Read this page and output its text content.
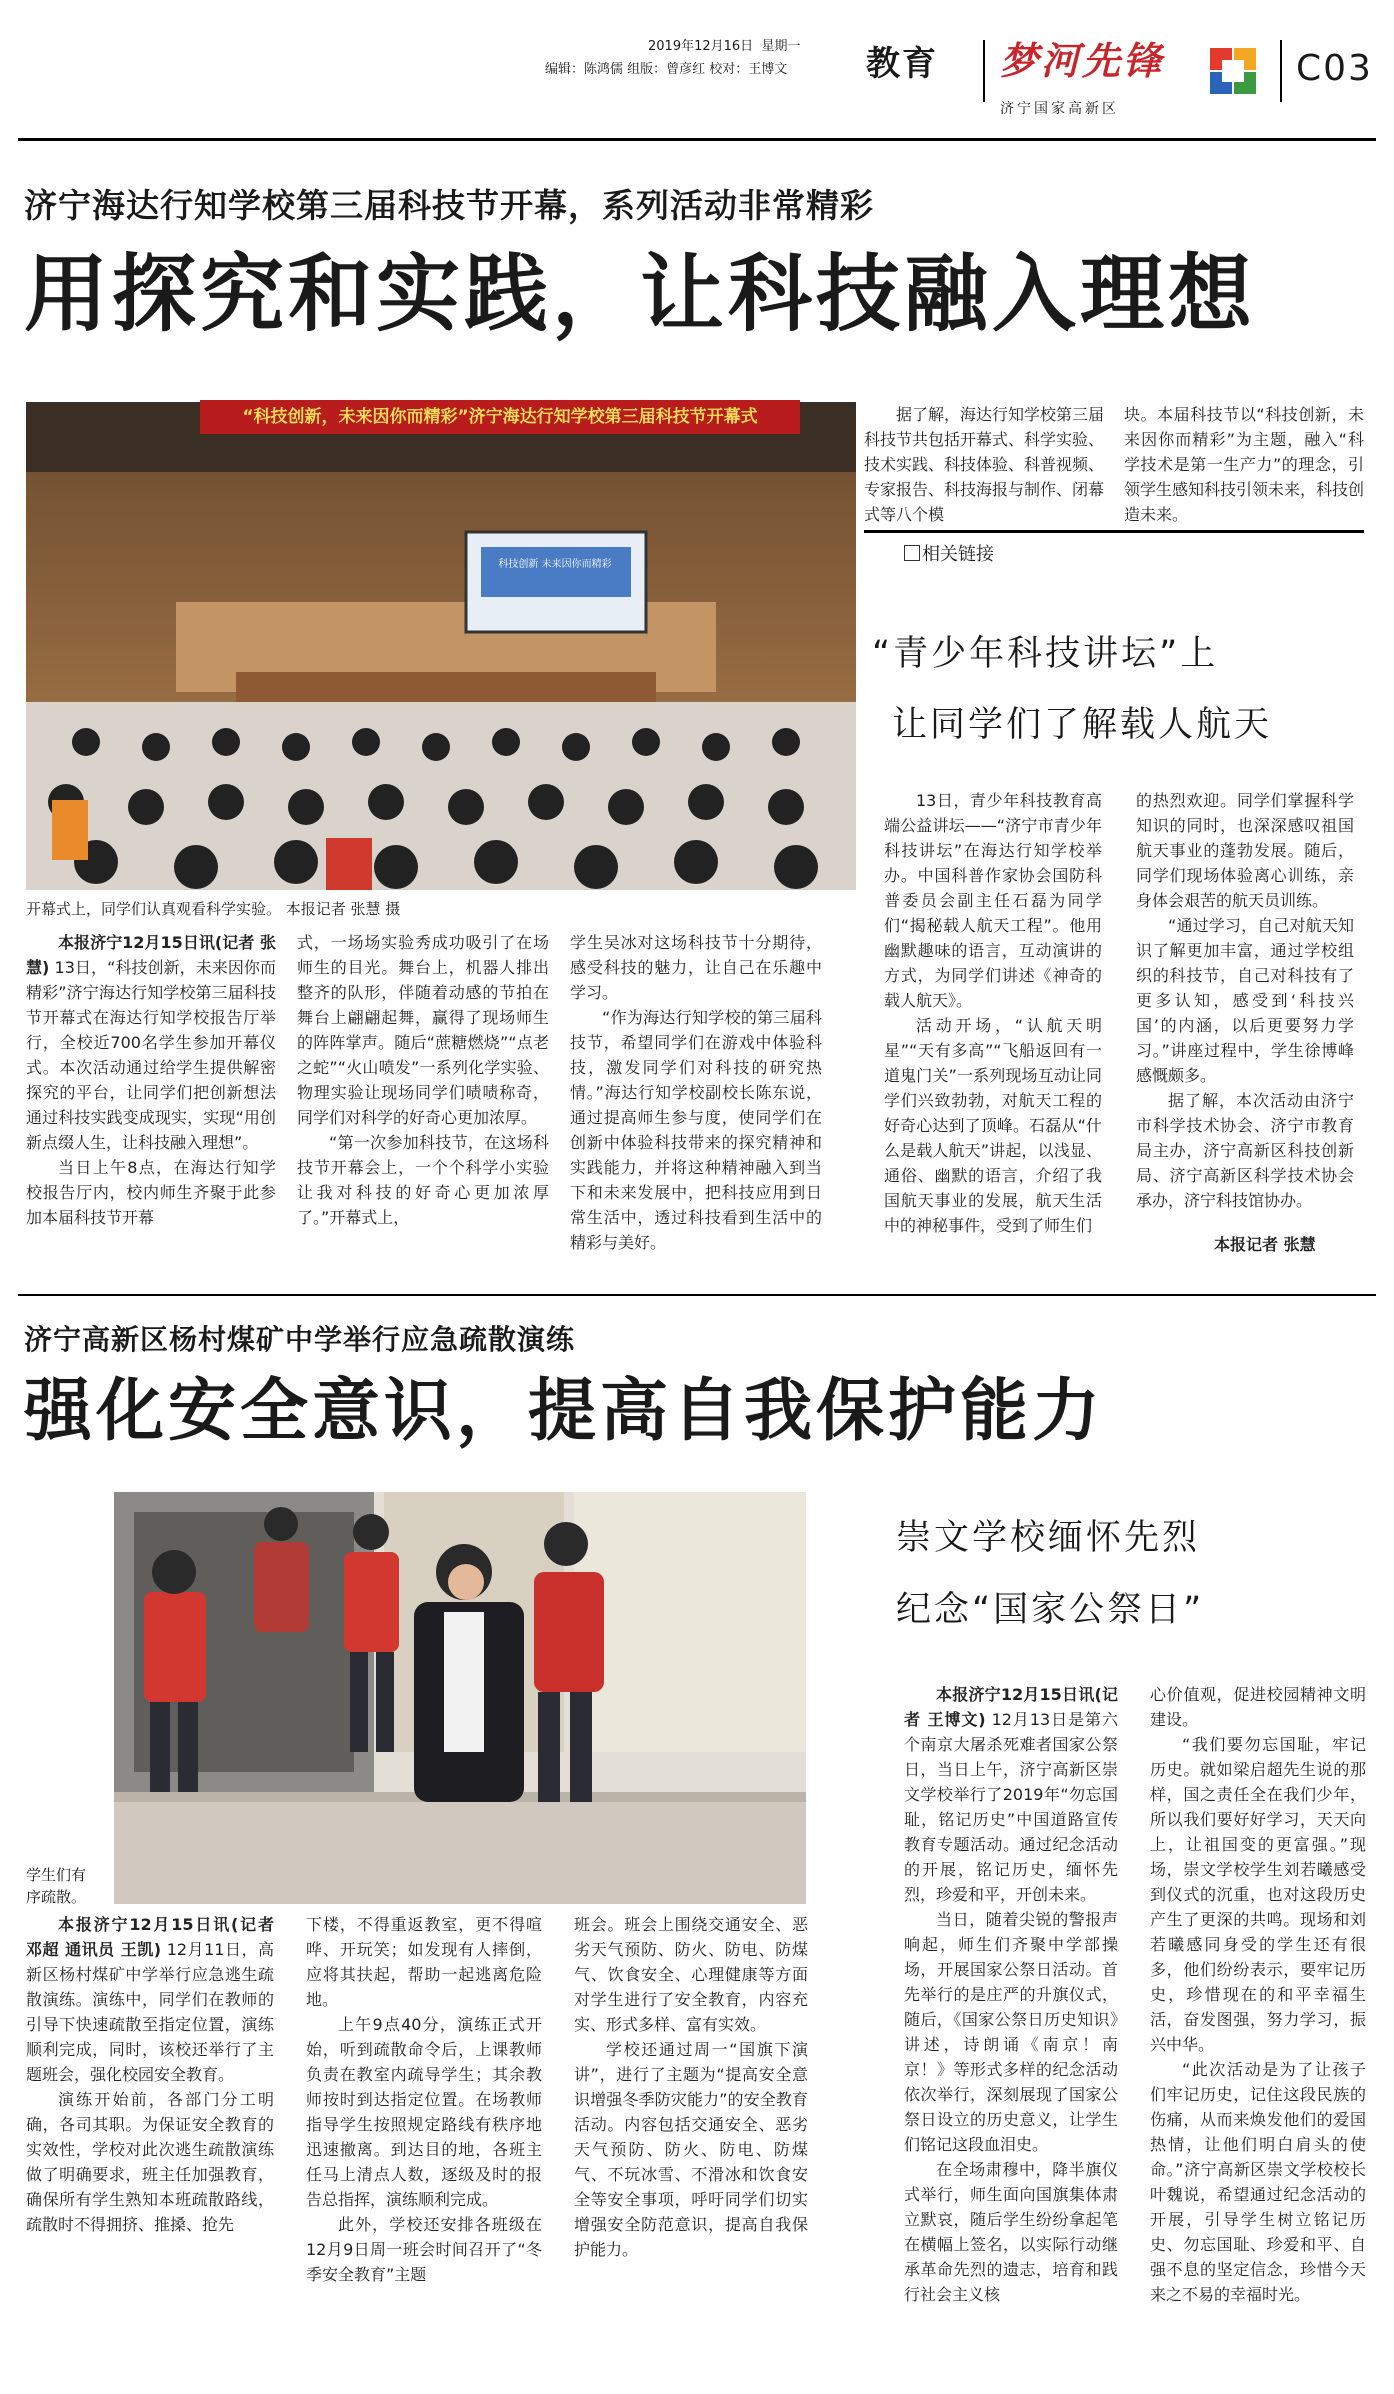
2019年12月16日 星期一
编辑：陈鸿儒 组版：曾彦红 校对：王博文	教育 梦河先锋
济宁国家高新区
C03
济宁海达行知学校第三届科技节开幕，系列活动非常精彩
用探究和实践，让科技融入理想
“科技创新，未来因你而精彩”济宁海达行知学校第三届科技节开幕式
科技创新 未来因你而精彩
开幕式上，同学们认真观看科学实验。 本报记者 张慧 摄

本报济宁12月15日讯(记者 张慧) 13日，“科技创新，未来因你而精彩”济宁海达行知学校第三届科技节开幕式在海达行知学校报告厅举行，全校近700名学生参加开幕仪式。本次活动通过给学生提供解密探究的平台，让同学们把创新想法通过科技实践变成现实，实现“用创新点缀人生，让科技融入理想”。

当日上午8点，在海达行知学校报告厅内，校内师生齐聚于此参加本届科技节开幕

式，一场场实验秀成功吸引了在场师生的目光。舞台上，机器人排出整齐的队形，伴随着动感的节拍在舞台上翩翩起舞，赢得了现场师生的阵阵掌声。随后“蔗糖燃烧”“点老之蛇”“火山喷发”一系列化学实验、物理实验让现场同学们啧啧称奇，同学们对科学的好奇心更加浓厚。

“第一次参加科技节，在这场科技节开幕会上，一个个科学小实验让我对科技的好奇心更加浓厚了。”开幕式上，

学生吴冰对这场科技节十分期待，感受科技的魅力，让自己在乐趣中学习。

“作为海达行知学校的第三届科技节，希望同学们在游戏中体验科技，激发同学们对科技的研究热情。”海达行知学校副校长陈东说，通过提高师生参与度，使同学们在创新中体验科技带来的探究精神和实践能力，并将这种精神融入到当下和未来发展中，把科技应用到日常生活中，透过科技看到生活中的精彩与美好。

据了解，海达行知学校第三届科技节共包括开幕式、科学实验、技术实践、科技体验、科普视频、专家报告、科技海报与制作、闭幕式等八个模

块。本届科技节以“科技创新，未来因你而精彩”为主题，融入“科学技术是第一生产力”的理念，引领学生感知科技引领未来，科技创造未来。

相关链接
“青少年科技讲坛”上
让同学们了解载人航天

13日，青少年科技教育高端公益讲坛——“济宁市青少年科技讲坛”在海达行知学校举办。中国科普作家协会国防科普委员会副主任石磊为同学们“揭秘载人航天工程”。他用幽默趣味的语言，互动演讲的方式，为同学们讲述《神奇的载人航天》。

活动开场，“认航天明星”“天有多高”“飞船返回有一道鬼门关”一系列现场互动让同学们兴致勃勃，对航天工程的好奇心达到了顶峰。石磊从“什么是载人航天”讲起，以浅显、通俗、幽默的语言，介绍了我国航天事业的发展，航天生活中的神秘事件，受到了师生们

的热烈欢迎。同学们掌握科学知识的同时，也深深感叹祖国航天事业的蓬勃发展。随后，同学们现场体验离心训练，亲身体会艰苦的航天员训练。

“通过学习，自己对航天知识了解更加丰富，通过学校组织的科技节，自己对科技有了更多认知，感受到‘科技兴国’的内涵，以后更要努力学习。”讲座过程中，学生徐博峰感慨颇多。

据了解，本次活动由济宁市科学技术协会、济宁市教育局主办，济宁高新区科技创新局、济宁高新区科学技术协会承办，济宁科技馆协办。

本报记者 张慧
济宁高新区杨村煤矿中学举行应急疏散演练
强化安全意识，提高自我保护能力
学生们有
序疏散。

本报济宁12月15日讯(记者 邓超 通讯员 王凯) 12月11日，高新区杨村煤矿中学举行应急逃生疏散演练。演练中，同学们在教师的引导下快速疏散至指定位置，演练顺利完成，同时，该校还举行了主题班会，强化校园安全教育。

演练开始前，各部门分工明确，各司其职。为保证安全教育的实效性，学校对此次逃生疏散演练做了明确要求，班主任加强教育，确保所有学生熟知本班疏散路线，疏散时不得拥挤、推搡、抢先

下楼，不得重返教室，更不得喧哗、开玩笑；如发现有人摔倒，应将其扶起，帮助一起逃离危险地。

上午9点40分，演练正式开始，听到疏散命令后，上课教师负责在教室内疏导学生；其余教师按时到达指定位置。在场教师指导学生按照规定路线有秩序地迅速撤离。到达目的地，各班主任马上清点人数，逐级及时的报告总指挥，演练顺利完成。

此外，学校还安排各班级在12月9日周一班会时间召开了“冬季安全教育”主题

班会。班会上围绕交通安全、恶劣天气预防、防火、防电、防煤气、饮食安全、心理健康等方面对学生进行了安全教育，内容充实、形式多样、富有实效。

学校还通过周一“国旗下演讲”，进行了主题为“提高安全意识增强冬季防灾能力”的安全教育活动。内容包括交通安全、恶劣天气预防、防火、防电、防煤气、不玩冰雪、不滑冰和饮食安全等安全事项，呼吁同学们切实增强安全防范意识，提高自我保护能力。

崇文学校缅怀先烈
纪念“国家公祭日”

本报济宁12月15日讯(记者 王博文) 12月13日是第六个南京大屠杀死难者国家公祭日，当日上午，济宁高新区崇文学校举行了2019年“勿忘国耻，铭记历史”中国道路宣传教育专题活动。通过纪念活动的开展，铭记历史，缅怀先烈，珍爱和平，开创未来。

当日，随着尖锐的警报声响起，师生们齐聚中学部操场，开展国家公祭日活动。首先举行的是庄严的升旗仪式，随后，《国家公祭日历史知识》讲述，诗朗诵《南京！南京！》等形式多样的纪念活动依次举行，深刻展现了国家公祭日设立的历史意义，让学生们铭记这段血泪史。

在全场肃穆中，降半旗仪式举行，师生面向国旗集体肃立默哀，随后学生纷纷拿起笔在横幅上签名，以实际行动继承革命先烈的遗志，培育和践行社会主义核

心价值观，促进校园精神文明建设。

“我们要勿忘国耻，牢记历史。就如梁启超先生说的那样，国之责任全在我们少年，所以我们要好好学习，天天向上，让祖国变的更富强。”现场，崇文学校学生刘若曦感受到仪式的沉重，也对这段历史产生了更深的共鸣。现场和刘若曦感同身受的学生还有很多，他们纷纷表示，要牢记历史，珍惜现在的和平幸福生活，奋发图强，努力学习，振兴中华。

“此次活动是为了让孩子们牢记历史，记住这段民族的伤痛，从而来焕发他们的爱国热情，让他们明白肩头的使命。”济宁高新区崇文学校校长叶魏说，希望通过纪念活动的开展，引导学生树立铭记历史、勿忘国耻、珍爱和平、自强不息的坚定信念，珍惜今天来之不易的幸福时光。
